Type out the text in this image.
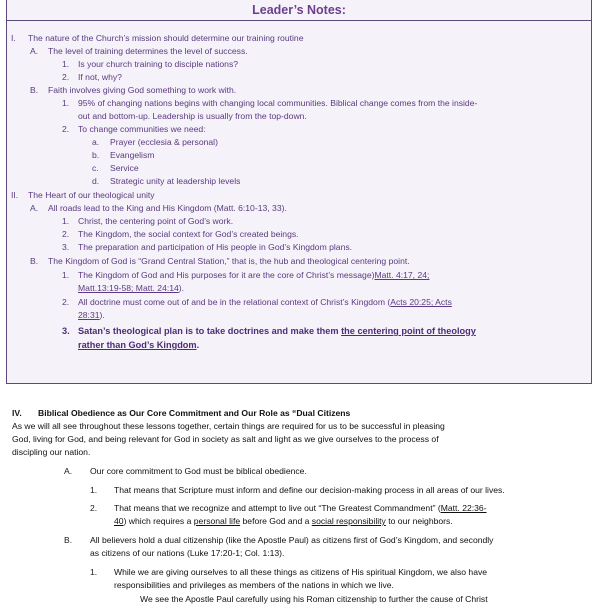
Leader’s Notes:
I. The nature of the Church’s mission should determine our training routine
A. The level of training determines the level of success.
1. Is your church training to disciple nations?
2. If not, why?
B. Faith involves giving God something to work with.
1. 95% of changing nations begins with changing local communities. Biblical change comes from the inside-
out and bottom-up. Leadership is usually from the top-down.
2. To change communities we need:
a. Prayer (ecclesia & personal)
b. Evangelism
c. Service
d. Strategic unity at leadership levels
II. The Heart of our theological unity
A. All roads lead to the King and His Kingdom (Matt. 6:10-13, 33).
1. Christ, the centering point of God’s work.
2. The Kingdom, the social context for God’s created beings.
3. The preparation and participation of His people in God’s Kingdom plans.
B. The Kingdom of God is “Grand Central Station,” that is, the hub and theological centering point.
1. The Kingdom of God and His purposes for it are the core of Christ’s message)Matt. 4:17, 24;
Matt.13:19-58; Matt. 24:14).
2. All doctrine must come out of and be in the relational context of Christ’s Kingdom (Acts 20:25; Acts
28:31).
3. Satan’s theological plan is to take doctrines and make them the centering point of theology
rather than God’s Kingdom.
IV. Biblical Obedience as Our Core Commitment and Our Role as “Dual Citizens
As we will all see throughout these lessons together, certain things are required for us to be successful in pleasing
God, living for God, and being relevant for God in society as salt and light as we give ourselves to the process of
discipling our nation.
A. Our core commitment to God must be biblical obedience.
1. That means that Scripture must inform and define our decision-making process in all areas of our lives.
2. That means that we recognize and attempt to live out “The Greatest Commandment” (Matt. 22:36-
40) which requires a personal life before God and a social responsibility to our neighbors.
B. All believers hold a dual citizenship (like the Apostle Paul) as citizens first of God’s Kingdom, and secondly
as citizens of our nations (Luke 17:20-1; Col. 1:13).
1. While we are giving ourselves to all these things as citizens of His spiritual Kingdom, we also have
responsibilities and privileges as members of the nations in which we live.
We see the Apostle Paul carefully using his Roman citizenship to further the cause of Christ
